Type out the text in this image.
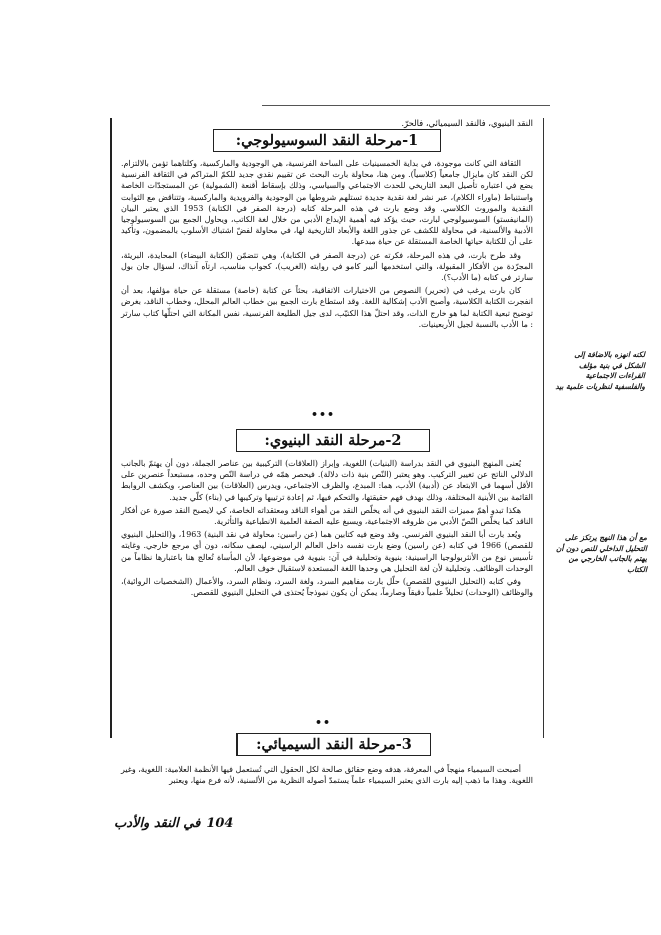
النقد البنيوي، فالنقد السيميائي، فالحرّ.
1-مرحلة النقد السوسيولوجي:

الثقافة التي كانت موجودة، في بداية الخمسينيات على الساحة الفرنسية، هي الوجودية والماركسية، وكلتاهما تؤمن بالالتزام. لكن النقد كان مايزال جامعياً (كلاسياً). ومن هنا، محاولة بارت البحث عن تقييم نقدي جديد للكمّ المتراكم في الثقافة الفرنسية يضع في اعتباره تأصيل البعد التاريخي للحدث الاجتماعي والسياسي، وذلك بإسقاط أقنعة (الشمولية) عن المستجدّات الخاصة واستنباط (ماوراء الكلام)، عبر نشر لغة نقدية جديدة تستلهم شروطها من الوجودية والفرويدية والماركسية، وتتناقض مع الثوابت النقدية والموروث الكلاسي. وقد وضع بارت في هذه المرحلة كتابه (درجة الصفر في الكتابة) 1953 الذي يعتبر البيان (المانيفستو) السوسيولوجي لبارت، حيث يؤكد فيه أهمية الإبداع الأدبي من خلال لغة الكاتب، ويحاول الجمع بين السوسيولوجيا الأدبية والألسنية، في محاولة للكشف عن جذور اللغة والأبعاد التاريخية لها، في محاولة لفضّ اشتباك الأسلوب بالمضمون، وتأكيد على أن للكتابة حياتها الخاصة المستقلة عن حياة مبدعها.

وقد طرح بارت، في هذه المرحلة، فكرته عن (درجة الصفر في الكتابة)، وهي تتضمّن (الكتابة البيضاء) المحايدة، البريئة، المجرّدة من الأفكار المقبولة، والتي استخدمها ألبير كامو في روايته (الغريب)، كجواب مناسب، ارتآه آنذاك، لسؤال جان بول سارتر في كتابه (ما الأدب؟).

كان بارت يرغب في (تحرير) النصوص من الاختيارات الاتفاقية، بحثاً عن كتابة (خاصة) مستقلة عن حياة مؤلفها، بعد أن انفجرت الكتابة الكلاسية، وأصبح الأدب إشكالية اللغة. وقد استطاع بارت الجمع بين خطاب العالم المحلل، وخطاب الناقد، بغرض توضيح تبعية الكتابة لما هو خارج الذات، وقد احتلّ هذا الكتيّب، لدى جيل الطليعة الفرنسية، نفس المكانة التي احتلّها كتاب سارتر : ما الأدب بالنسبة لجيل الأربعينيات.

•••
2-مرحلة النقد البنيوي:

يُعنى المنهج البنيوي في النقد بدراسة (البنيات) اللغوية، وإبراز (العلاقات) التركيبية بين عناصر الجملة، دون أن يهتمّ بالجانب الدلالي الناتج عن تغيير التركيب. وهو يعتبر (النّص بنية ذات دلالة). فيحصر همّه في دراسة النّص وحده، مستبعداً عنصرين على الأقل أسهما في الابتعاد عن (أدبية) الأدب، هما: المبدع، والظرف الاجتماعي، ويدرس (العلاقات) بين العناصر، ويكشف الروابط القائمة بين الأبنية المختلفة، وذلك بهدف فهم حقيقتها، والتحكم فيها، ثم إعادة ترتيبها وتركيبها في (بناء) كلّي جديد.

هكذا تبدو أهمّ مميزات النقد البنيوي في أنه يخلّص النقد من أهواء الناقد ومعتقداته الخاصة، كي لايصبح النقد صورة عن أفكار الناقد كما يخلّص النّصّ الأدبي من ظروفه الاجتماعية، ويسبغ عليه الصفة العلمية الانطباعية والتأثرية.

ويُعد بارت أبا النقد البنيوي الفرنسي. وقد وضع فيه كتابين هما (عن راسين: محاولة في نقد البنية) 1963، و(التحليل البنيوي للقصص) 1966 في كتابه (عن راسين) وضع بارت نفسه داخل العالم الراسيني، ليصف سكانه، دون أي مرجع خارجي. وغايته تأسيس نوع من الأنثربولوجيا الراسينية: بنيوية وتحليلية في آن: بنيوية في موضوعها، لأن المأساة تُعالج هنا باعتبارها نظاماً من الوحدات الوظائف. وتحليلية لأن لغة التحليل هي وحدها اللغة المستعدة لاستقبال خوف العالم.

وفي كتابه (التحليل البنيوي للقصص) حلّل بارت مفاهيم السرد، ولغة السرد، ونظام السرد، والأعمال (الشخصيات الروائية)، والوظائف (الوحدات) تحليلاً علمياً دقيقاً وصارماً، يمكن أن يكون نموذجاً يُحتذى في التحليل البنيوي للقصص.

••
3-مرحلة النقد السيميائي:

أصبحت السيمياء منهجاً في المعرفة، هدفه وضع حقائق صالحة لكل الحقول التي تُستعمل فيها الأنظمة العلامية: اللغوية، وغير اللغوية. وهذا ما ذهب إليه بارت الذي يعتبر السيمياء علماً يستمدّ أصوله النظرية من الألسنية، لأنه فرع منها، ويعتبر

لكنه انهزه بالاضافة إلى الشكل في بنية مؤلف القراءات الاجتماعية والفلسفية لنظريات علمية بيد
مع أن هذا النهج يرتكز على التحليل الداخلي للنص دون أن يهتم بالجانب الخارجي من الكتاب
104في النقد والأدب
